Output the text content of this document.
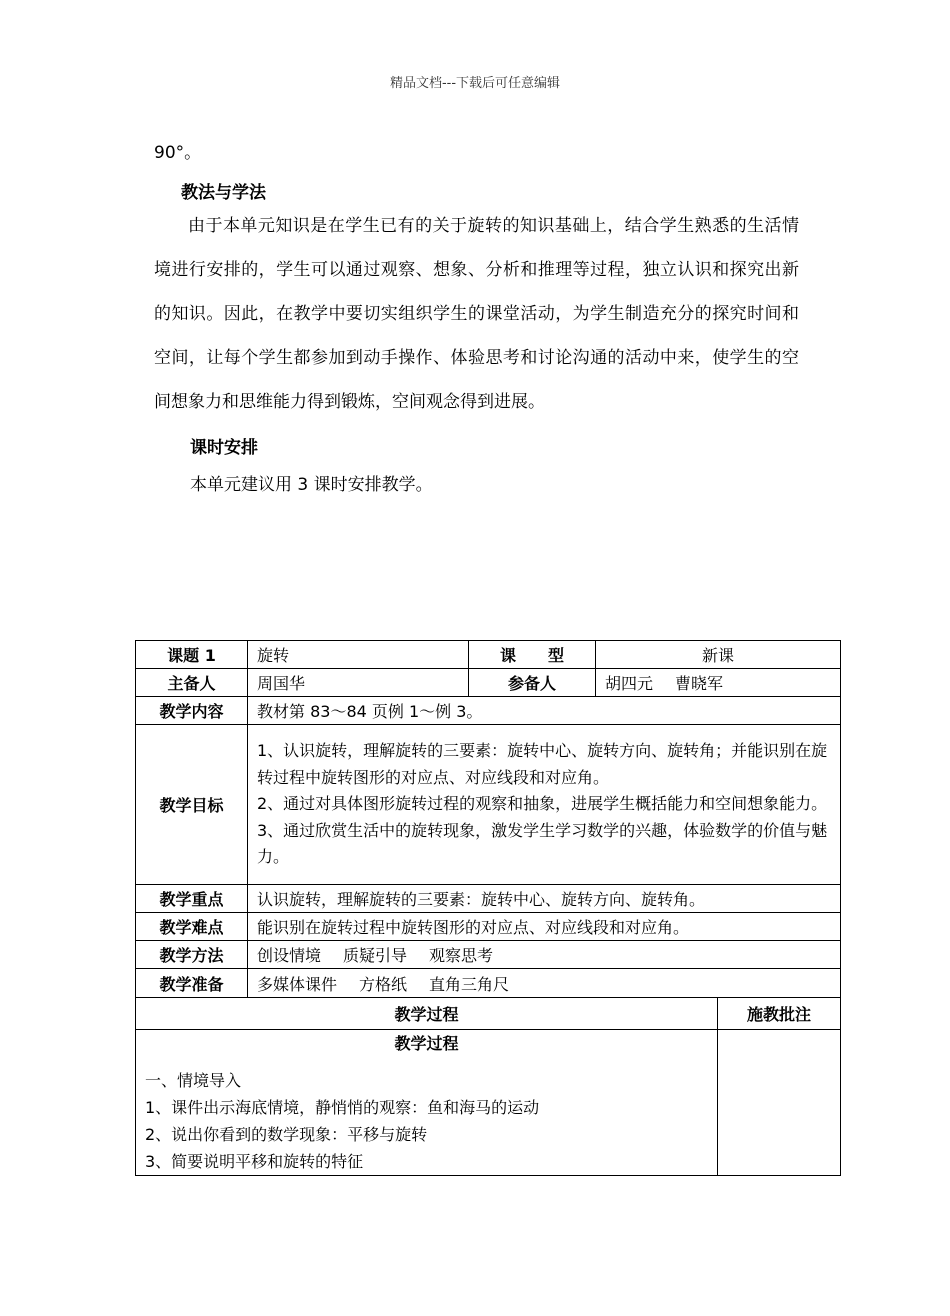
精品文档---下载后可任意编辑
90°。
教法与学法
由于本单元知识是在学生已有的关于旋转的知识基础上，结合学生熟悉的生活情境进行安排的，学生可以通过观察、想象、分析和推理等过程，独立认识和探究出新的知识。因此，在教学中要切实组织学生的课堂活动，为学生制造充分的探究时间和空间，让每个学生都参加到动手操作、体验思考和讨论沟通的活动中来，使学生的空间想象力和思维能力得到锻炼，空间观念得到进展。
课时安排
本单元建议用 3 课时安排教学。
课题 1	旋转	课　　型	新课	
主备人	周国华	参备人	胡四元 曹晓军	
教学内容	教材第 83～84 页例 1～例 3。			
教学目标	1、认识旋转，理解旋转的三要素：旋转中心、旋转方向、旋转角；并能识别在旋转过程中旋转图形的对应点、对应线段和对应角。
2、通过对具体图形旋转过程的观察和抽象，进展学生概括能力和空间想象能力。
3、通过欣赏生活中的旋转现象，激发学生学习数学的兴趣，体验数学的价值与魅力。			

教学重点	认识旋转，理解旋转的三要素：旋转中心、旋转方向、旋转角。			
教学难点	能识别在旋转过程中旋转图形的对应点、对应线段和对应角。			
教学方法	创设情境 质疑引导 观察思考			
教学准备	多媒体课件 方格纸 直角三角尺			
教学过程				施教批注

教学过程
一、情境导入
1、课件出示海底情境，静悄悄的观察：鱼和海马的运动
2、说出你看到的数学现象：平移与旋转
3、简要说明平移和旋转的特征				
